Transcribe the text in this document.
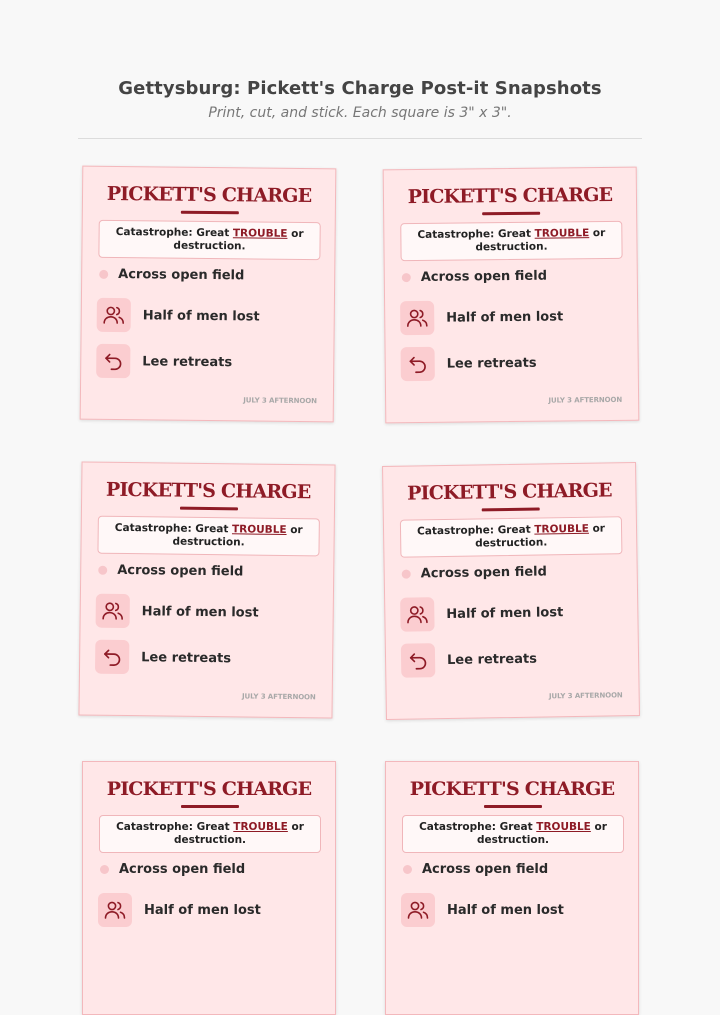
Gettysburg: Pickett's Charge Post-it Snapshots
Print, cut, and stick. Each square is 3" x 3".
PICKETT'S CHARGE
Catastrophe: Great TROUBLE or destruction.
Across open field
Half of men lost
Lee retreats
JULY 3 AFTERNOON
PICKETT'S CHARGE
Catastrophe: Great TROUBLE or destruction.
Across open field
Half of men lost
Lee retreats
JULY 3 AFTERNOON
PICKETT'S CHARGE
Catastrophe: Great TROUBLE or destruction.
Across open field
Half of men lost
Lee retreats
JULY 3 AFTERNOON
PICKETT'S CHARGE
Catastrophe: Great TROUBLE or destruction.
Across open field
Half of men lost
Lee retreats
JULY 3 AFTERNOON
PICKETT'S CHARGE
Catastrophe: Great TROUBLE or destruction.
Across open field
Half of men lost
PICKETT'S CHARGE
Catastrophe: Great TROUBLE or destruction.
Across open field
Half of men lost
